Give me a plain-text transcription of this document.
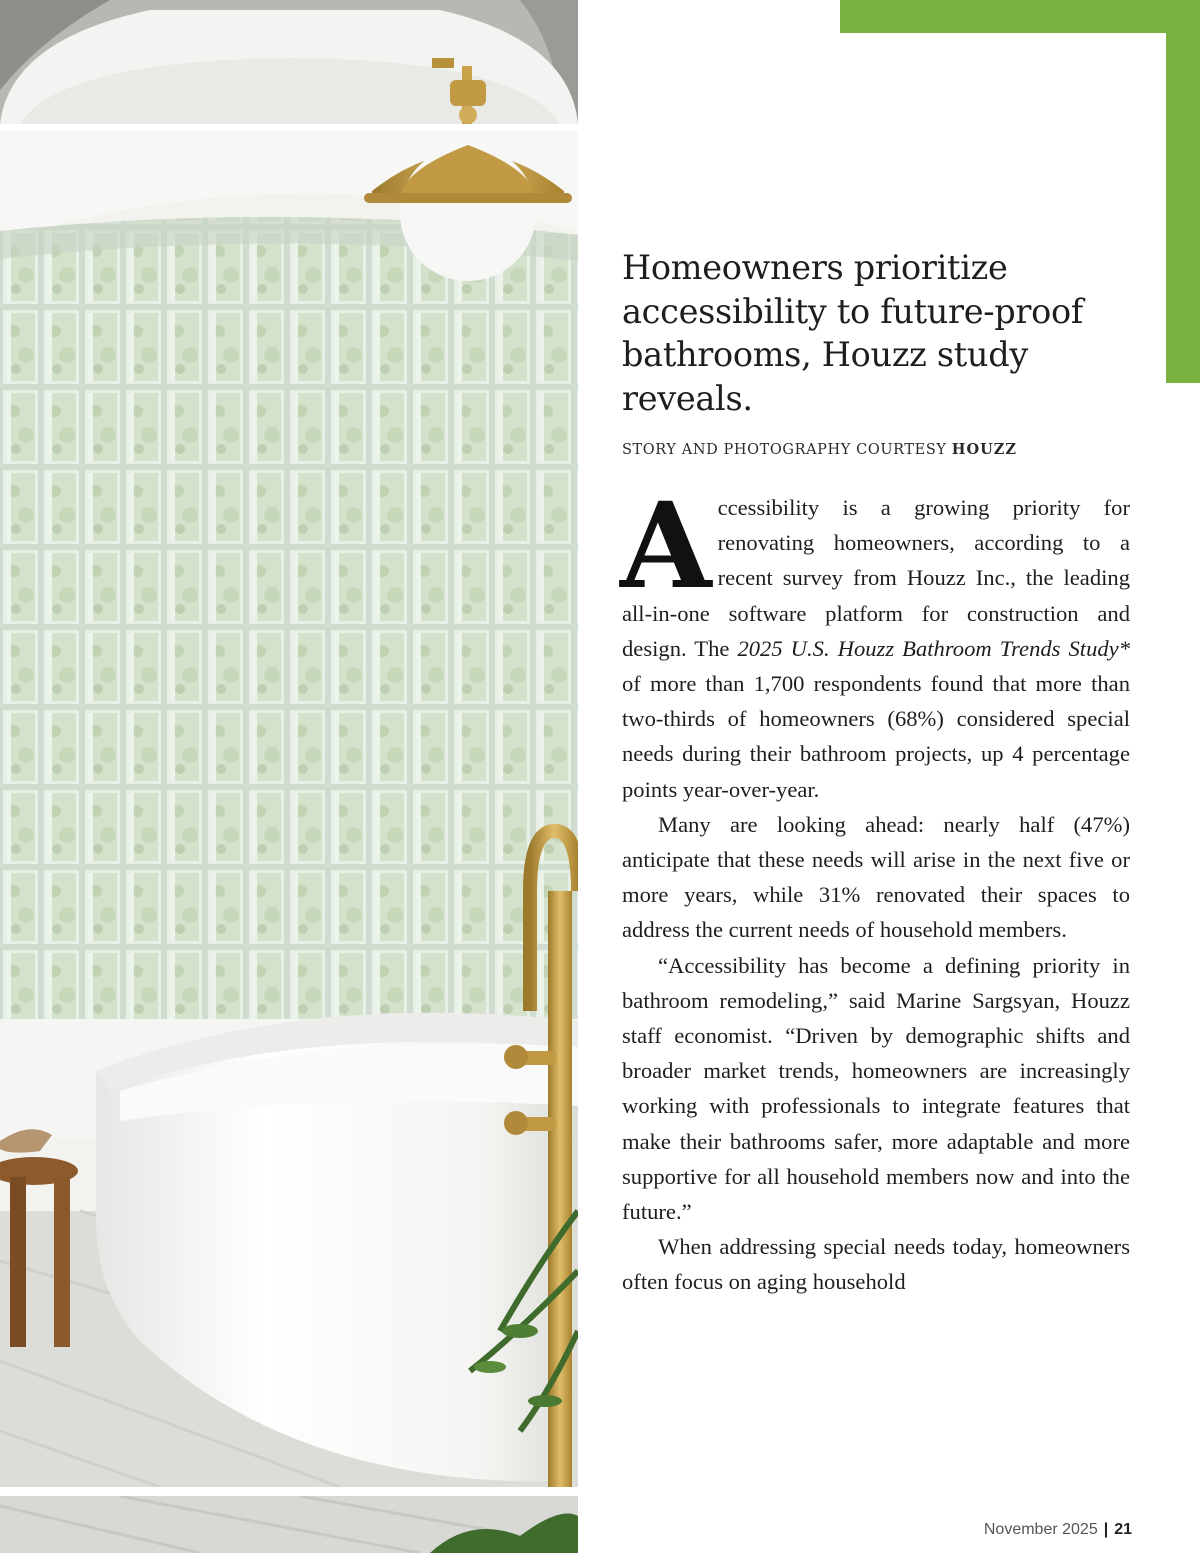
Homeowners prioritize accessibility to future-proof bathrooms, Houzz study reveals.

STORY AND PHOTOGRAPHY COURTESY HOUZZ

Accessibility is a growing priority for renovating homeowners, according to a recent survey from Houzz Inc., the leading all-in-one software platform for construction and design. The 2025 U.S. Houzz Bathroom Trends Study* of more than 1,700 respondents found that more than two-thirds of homeowners (68%) considered special needs during their bathroom projects, up 4 percentage points year-over-year.

Many are looking ahead: nearly half (47%) anticipate that these needs will arise in the next five or more years, while 31% renovated their spaces to address the current needs of household members.

“Accessibility has become a defining priority in bathroom remodeling,” said Marine Sargsyan, Houzz staff economist. “Driven by demographic shifts and broader market trends, homeowners are increasingly working with professionals to integrate features that make their bathrooms safer, more adaptable and more supportive for all household members now and into the future.”

When addressing special needs today, homeowners often focus on aging household

November 2025 | 21
